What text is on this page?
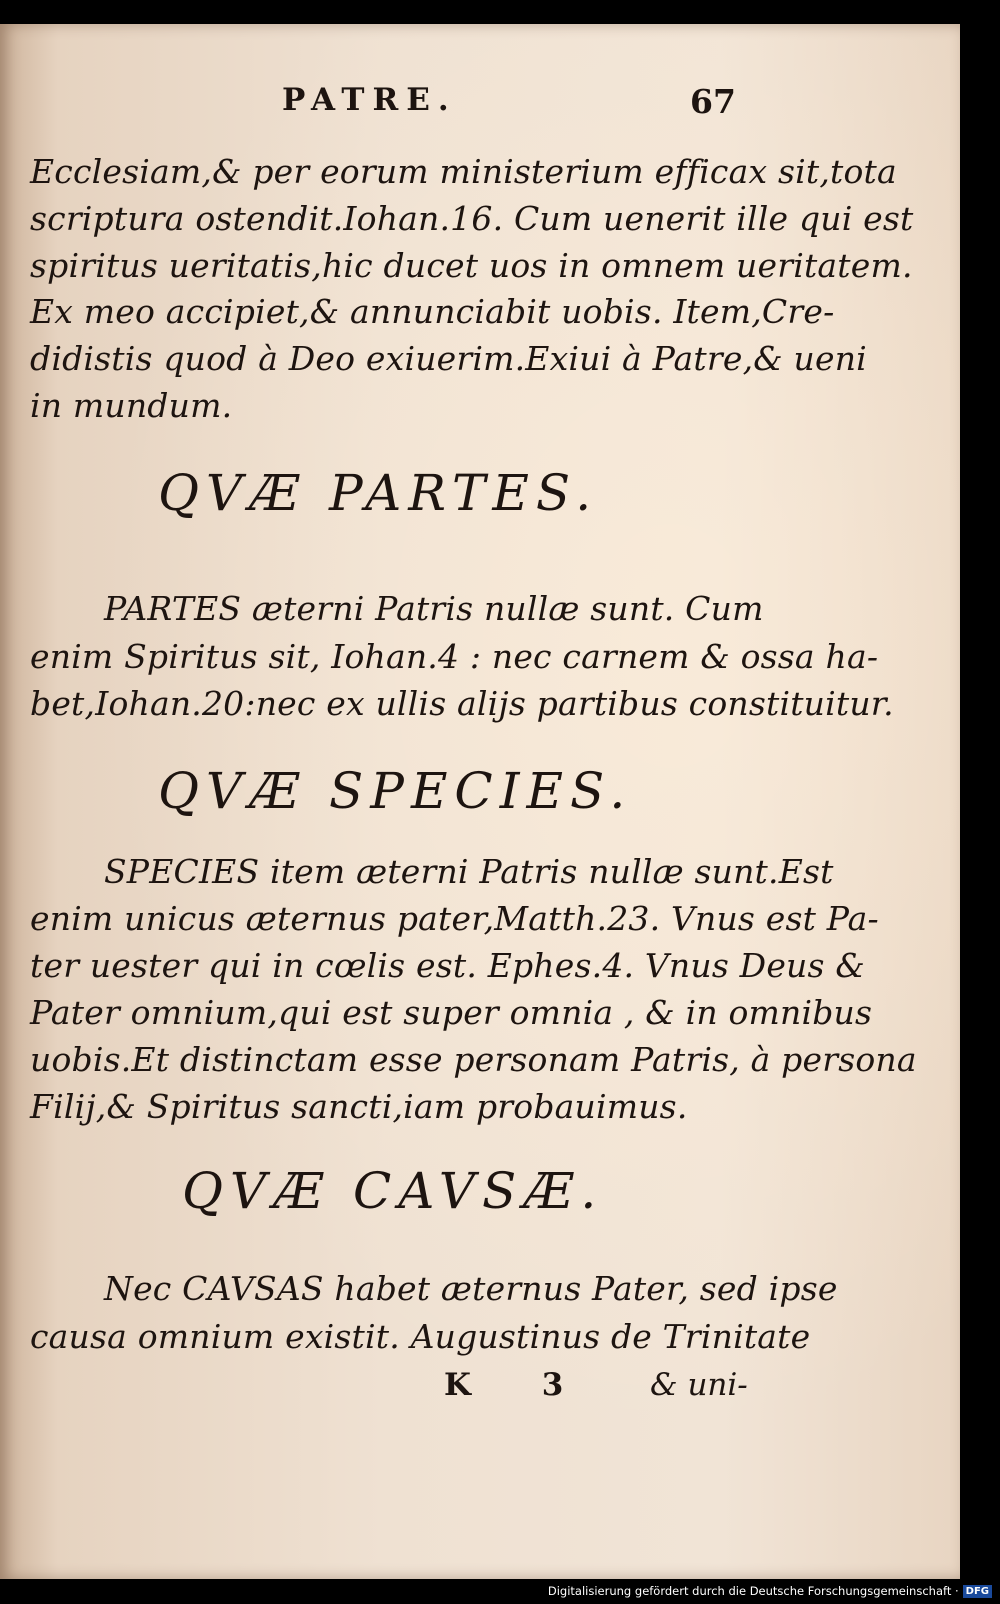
PATRE.	67
Ecclesiam,& per eorum ministerium efficax sit,tota
scriptura ostendit.Iohan.16. Cum uenerit ille qui est
spiritus ueritatis,hic ducet uos in omnem ueritatem.
Ex meo accipiet,& annunciabit uobis. Item,Cre-
didistis quod à Deo exiuerim.Exiui à Patre,& ueni
in mundum.
QVÆ PARTES.
PARTES æterni Patris nullæ sunt. Cum
enim Spiritus sit, Iohan.4 : nec carnem & ossa ha-
bet,Iohan.20:nec ex ullis alijs partibus constituitur.
QVÆ SPECIES.
SPECIES item æterni Patris nullæ sunt.Est
enim unicus æternus pater,Matth.23. Vnus est Pa-
ter uester qui in cœlis est. Ephes.4. Vnus Deus &
Pater omnium,qui est super omnia , & in omnibus
uobis.Et distinctam esse personam Patris, à persona
Filij,& Spiritus sancti,iam probauimus.
QVÆ CAVSÆ.
Nec CAVSAS habet æternus Pater, sed ipse
causa omnium existit. Augustinus de Trinitate
K 3 & uni-
Digitalisierung gefördert durch die Deutsche Forschungsgemeinschaft · DFG
